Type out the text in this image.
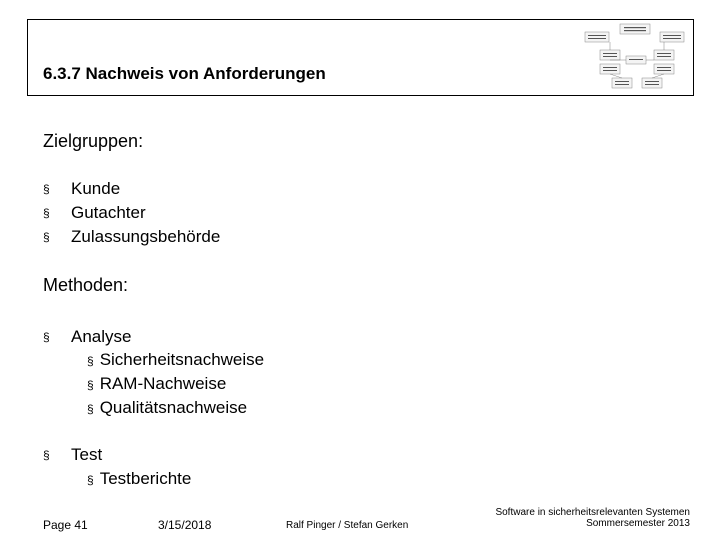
6.3.7 Nachweis von Anforderungen
Zielgruppen:
§ Kunde
§ Gutachter
§ Zulassungsbehörde
Methoden:
§ Analyse
§ Sicherheitsnachweise
§ RAM-Nachweise
§ Qualitätsnachweise
§ Test
§ Testberichte
Page 41	3/15/2018	Ralf Pinger / Stefan Gerken
Software in sicherheitsrelevanten Systemen
Sommersemester 2013
